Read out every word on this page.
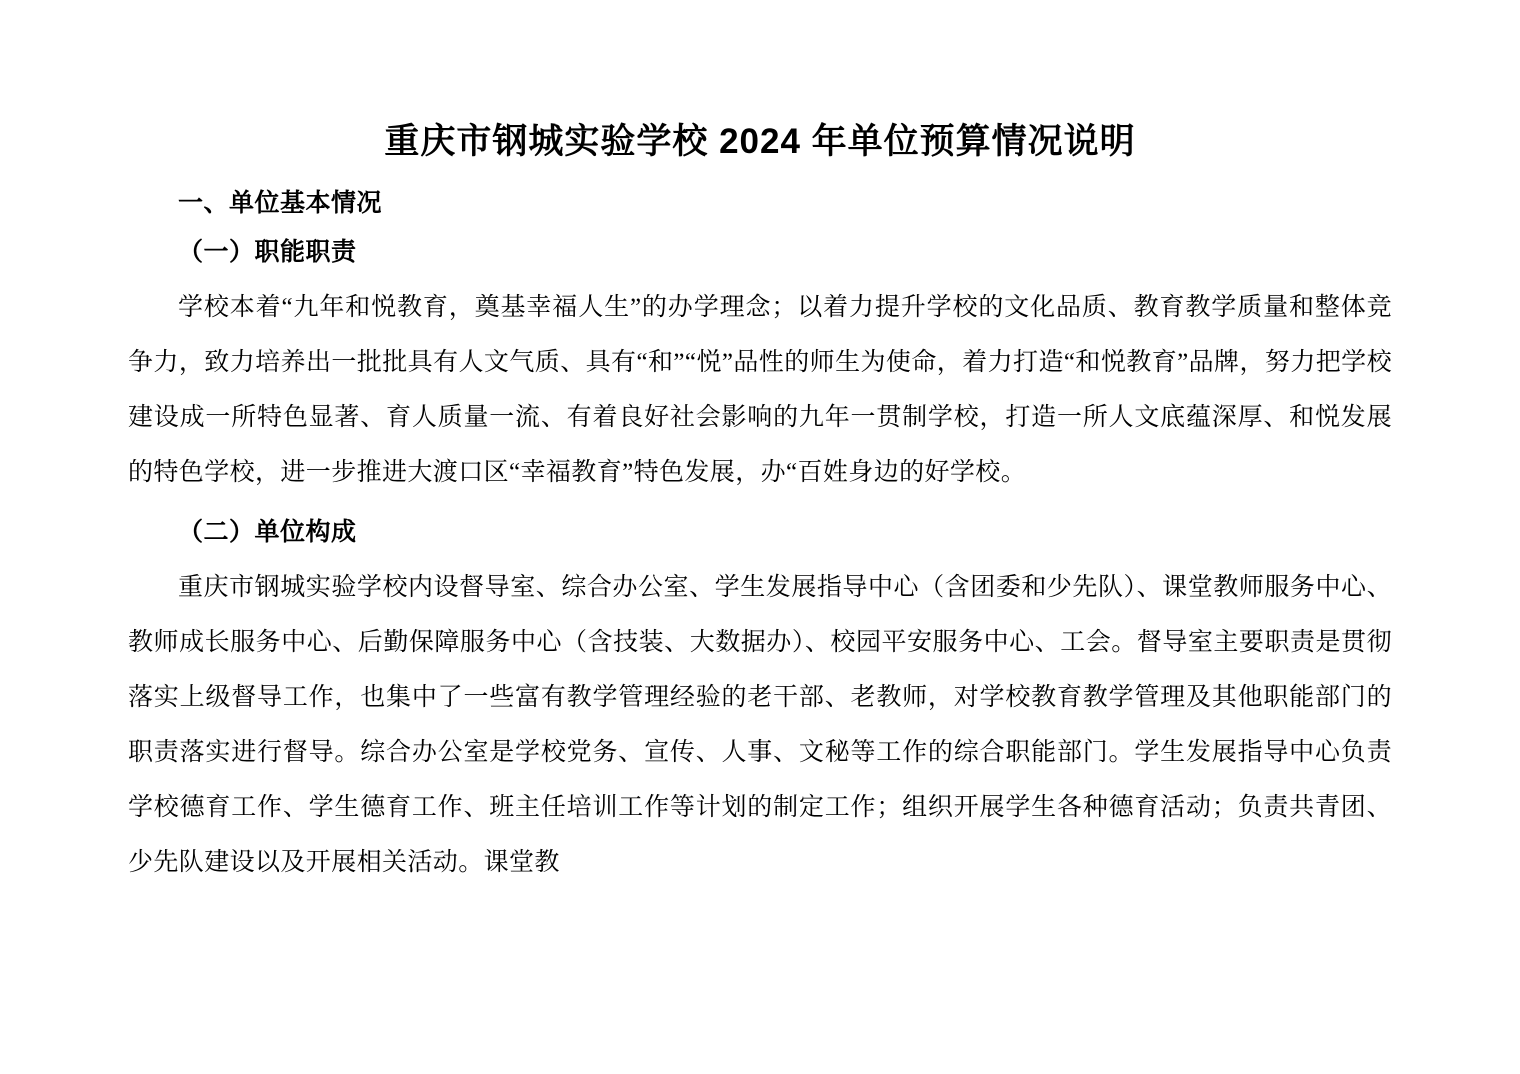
重庆市钢城实验学校 2024 年单位预算情况说明
一、单位基本情况
（一）职能职责

学校本着“九年和悦教育，奠基幸福人生”的办学理念；以着力提升学校的文化品质、教育教学质量和整体竞争力，致力培养出一批批具有人文气质、具有“和”“悦”品性的师生为使命，着力打造“和悦教育”品牌，努力把学校建设成一所特色显著、育人质量一流、有着良好社会影响的九年一贯制学校，打造一所人文底蕴深厚、和悦发展的特色学校，进一步推进大渡口区“幸福教育”特色发展，办“百姓身边的好学校。

（二）单位构成

重庆市钢城实验学校内设督导室、综合办公室、学生发展指导中心（含团委和少先队）、课堂教师服务中心、教师成长服务中心、后勤保障服务中心（含技装、大数据办）、校园平安服务中心、工会。督导室主要职责是贯彻落实上级督导工作，也集中了一些富有教学管理经验的老干部、老教师，对学校教育教学管理及其他职能部门的职责落实进行督导。综合办公室是学校党务、宣传、人事、文秘等工作的综合职能部门。学生发展指导中心负责学校德育工作、学生德育工作、班主任培训工作等计划的制定工作；组织开展学生各种德育活动；负责共青团、少先队建设以及开展相关活动。课堂教
